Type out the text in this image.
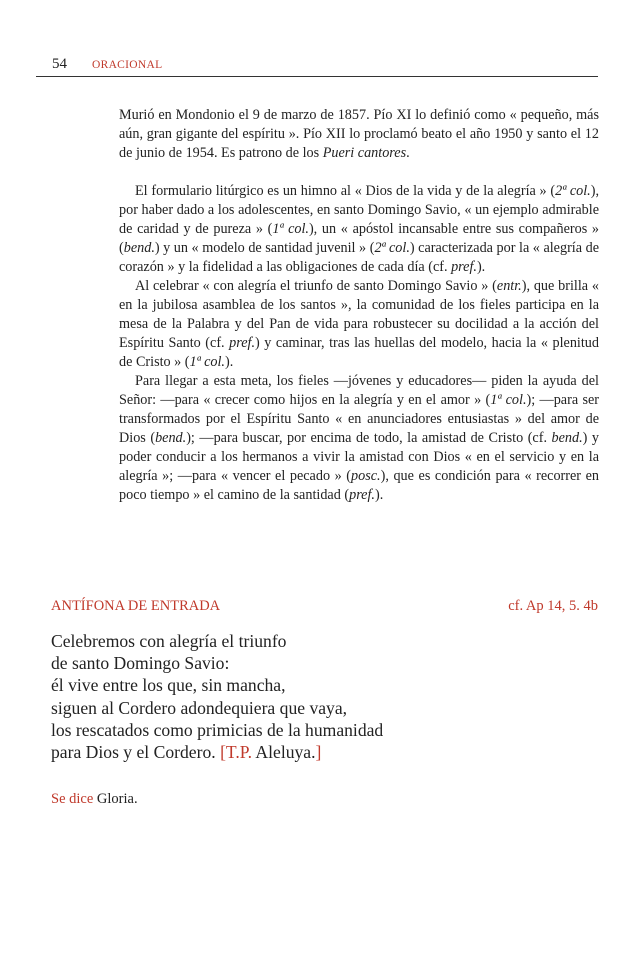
54 ORACIONAL

Murió en Mondonio el 9 de marzo de 1857. Pío XI lo definió como « pequeño, más aún, gran gigante del espíritu ». Pío XII lo proclamó beato el año 1950 y santo el 12 de junio de 1954. Es patrono de los Pueri cantores.

El formulario litúrgico es un himno al « Dios de la vida y de la alegría » (2ª col.), por haber dado a los adolescentes, en santo Domingo Savio, « un ejemplo admirable de caridad y de pureza » (1ª col.), un « apóstol incansable entre sus compañeros » (bend.) y un « modelo de santidad juvenil » (2ª col.) caracterizada por la « alegría de corazón » y la fidelidad a las obligaciones de cada día (cf. pref.).

Al celebrar « con alegría el triunfo de santo Domingo Savio » (entr.), que brilla « en la jubilosa asamblea de los santos », la comunidad de los fieles participa en la mesa de la Palabra y del Pan de vida para robustecer su docilidad a la acción del Espíritu Santo (cf. pref.) y caminar, tras las huellas del modelo, hacia la « plenitud de Cristo » (1ª col.).

Para llegar a esta meta, los fieles —jóvenes y educadores— piden la ayuda del Señor: —para « crecer como hijos en la alegría y en el amor » (1ª col.); —para ser transformados por el Espíritu Santo « en anunciadores entusiastas » del amor de Dios (bend.); —para buscar, por encima de todo, la amistad de Cristo (cf. bend.) y poder conducir a los hermanos a vivir la amistad con Dios « en el servicio y en la alegría »; —para « vencer el pecado » (posc.), que es condición para « recorrer en poco tiempo » el camino de la santidad (pref.).

ANTÍFONA DE ENTRADA	cf. Ap 14, 5. 4b
Celebremos con alegría el triunfo
de santo Domingo Savio:
él vive entre los que, sin mancha,
siguen al Cordero adondequiera que vaya,
los rescatados como primicias de la humanidad
para Dios y el Cordero. [T.P. Aleluya.]
Se dice Gloria.
